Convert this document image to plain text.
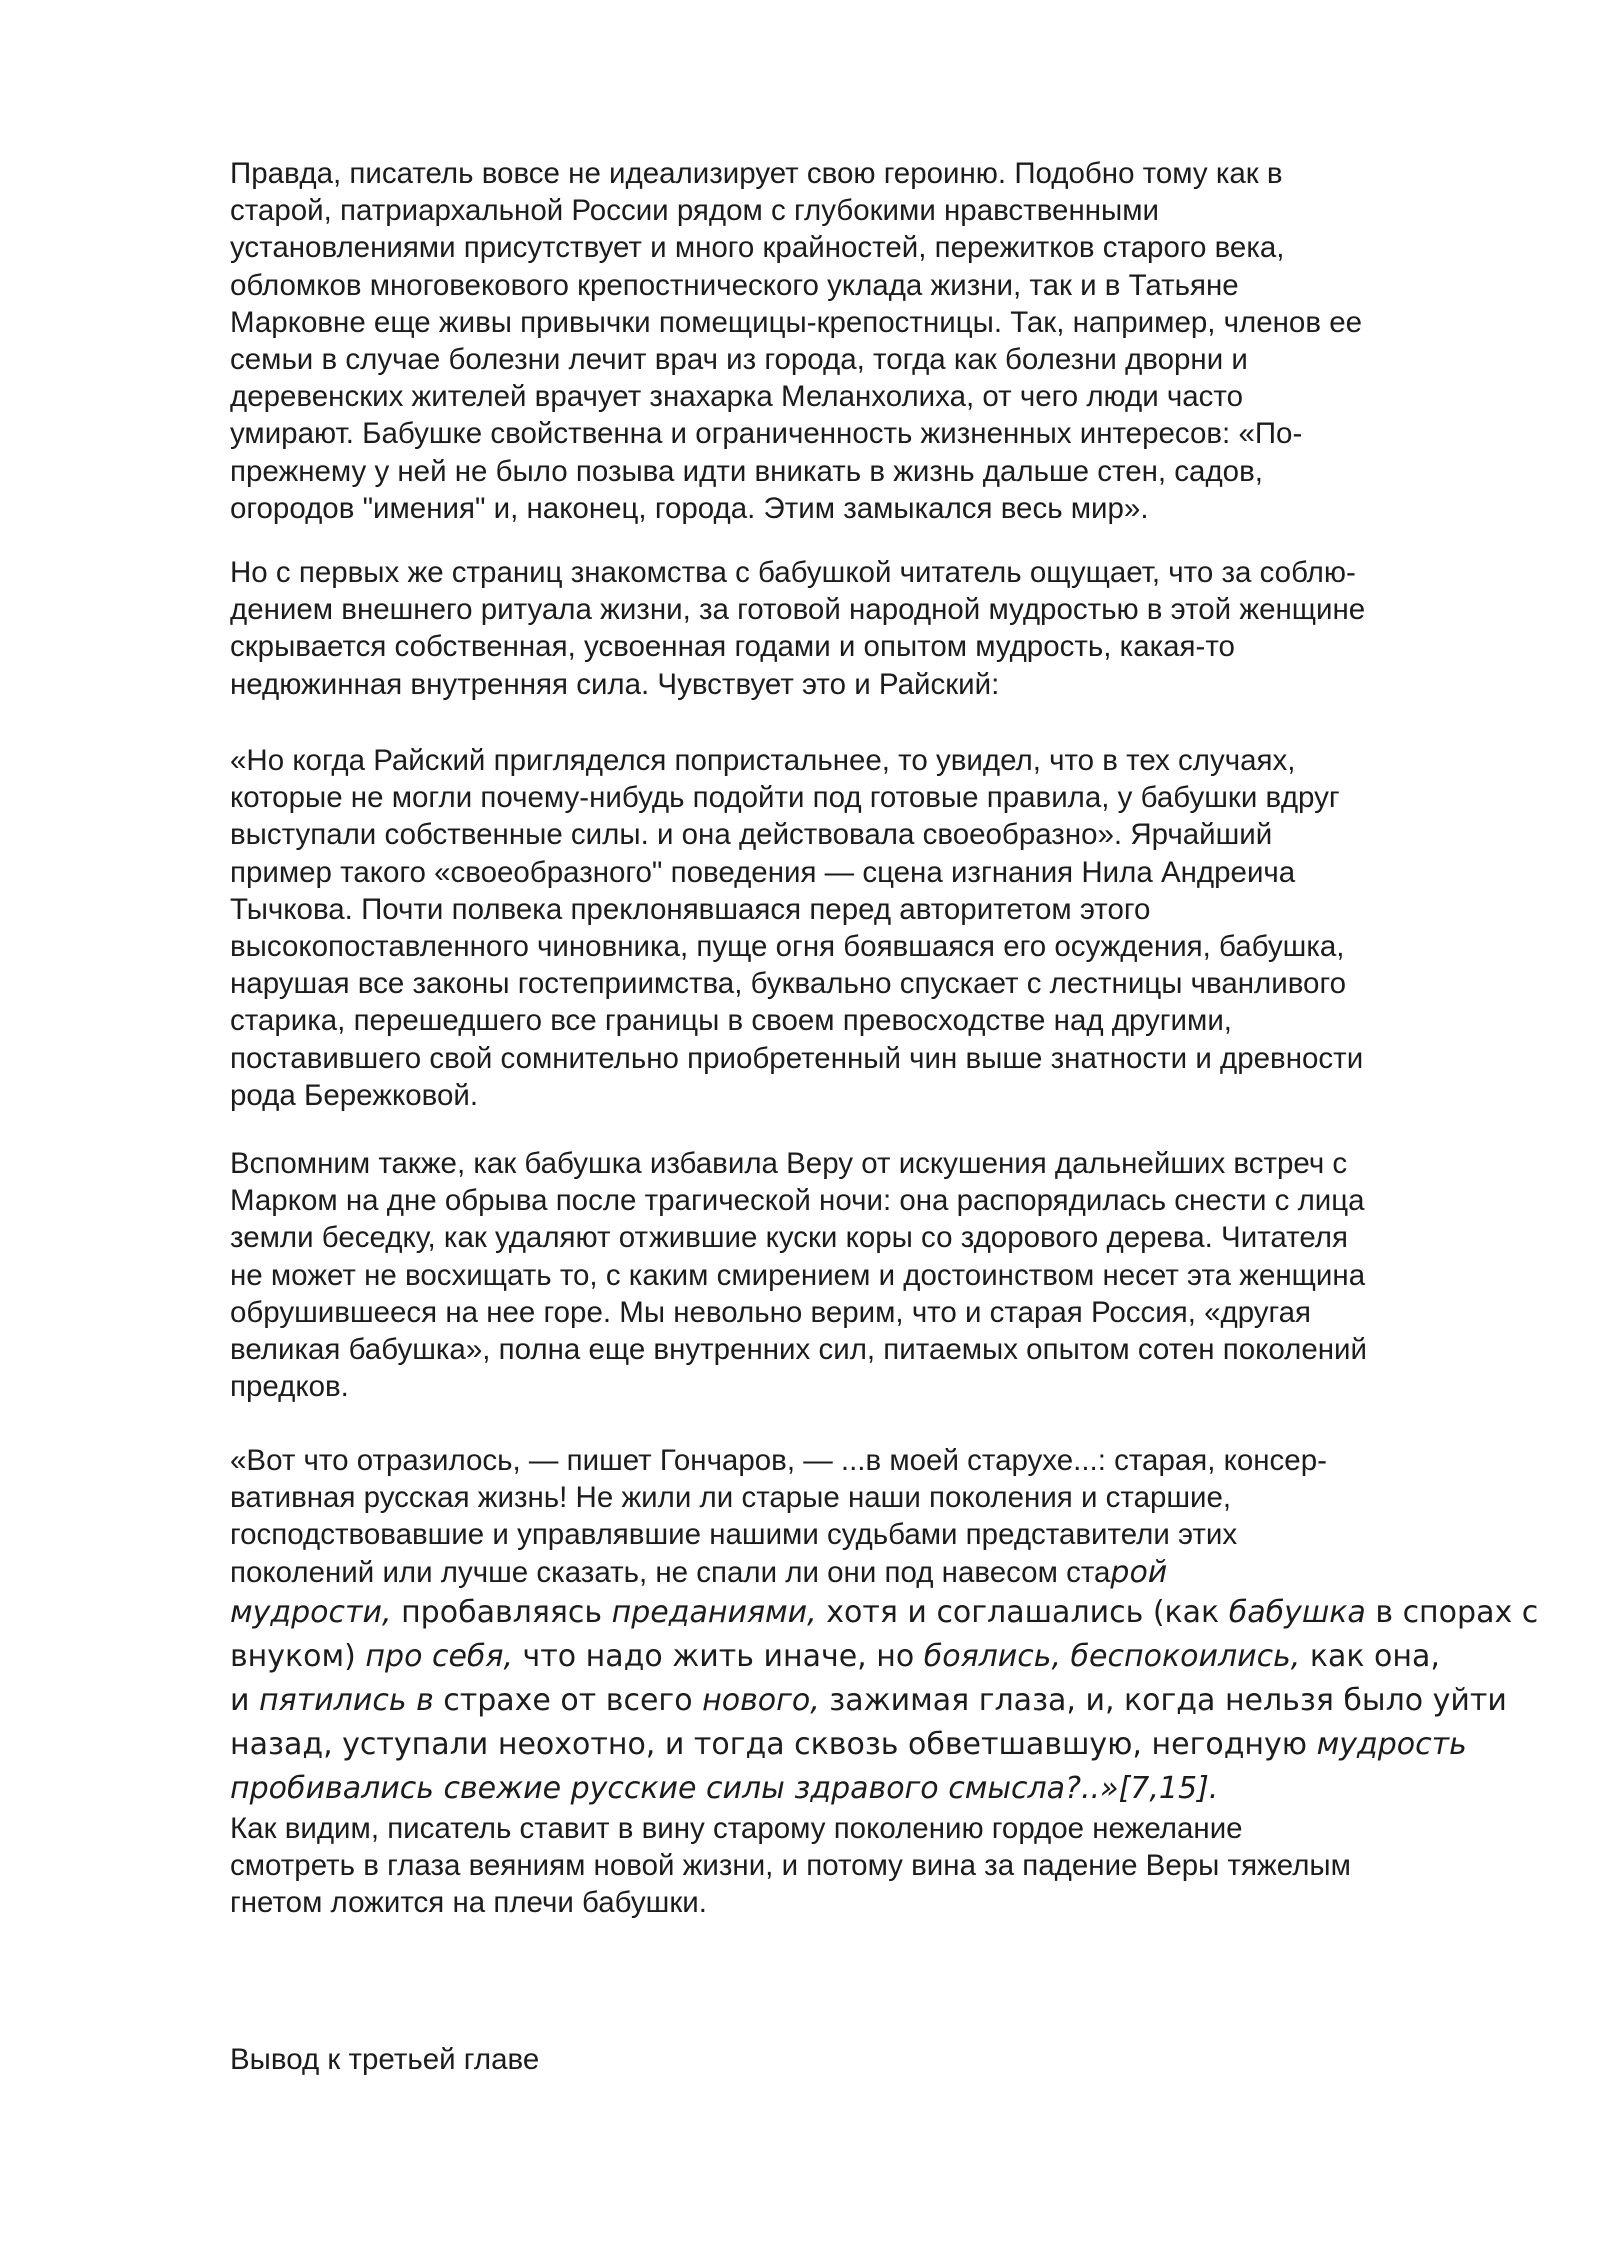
Правда, писатель вовсе не идеализирует свою героиню. Подобно тому как в
старой, патриархальной России рядом с глубокими нравственными
установлениями присутствует и много крайностей, пережитков старого века,
обломков многовекового крепостнического уклада жизни, так и в Татьяне
Марковне еще живы привычки помещицы-крепостницы. Так, например, членов ее
семьи в случае болезни лечит врач из города, тогда как болезни дворни и
деревенских жителей врачует знахарка Меланхолиха, от чего люди часто
умирают. Бабушке свойственна и ограниченность жизненных интересов: «По-
прежнему у ней не было позыва идти вникать в жизнь дальше стен, садов,
огородов "имения" и, наконец, города. Этим замыкался весь мир».

Но с первых же страниц знакомства с бабушкой читатель ощущает, что за соблю-
дением внешнего ритуала жизни, за готовой народной мудростью в этой женщине
скрывается собственная, усвоенная годами и опытом мудрость, какая-то
недюжинная внутренняя сила. Чувствует это и Райский:

«Но когда Райский пригляделся попристальнее, то увидел, что в тех случаях,
которые не могли почему-нибудь подойти под готовые правила, у бабушки вдруг
выступали собственные силы. и она действовала своеобразно». Ярчайший
пример такого «своеобразного" поведения — сцена изгнания Нила Андреича
Тычкова. Почти полвека преклонявшаяся перед авторитетом этого
высокопоставленного чиновника, пуще огня боявшаяся его осуждения, бабушка,
нарушая все законы гостеприимства, буквально спускает с лестницы чванливого
старика, перешедшего все границы в своем превосходстве над другими,
поставившего свой сомнительно приобретенный чин выше знатности и древности
рода Бережковой.

Вспомним также, как бабушка избавила Веру от искушения дальнейших встреч с
Марком на дне обрыва после трагической ночи: она распорядилась снести с лица
земли беседку, как удаляют отжившие куски коры со здорового дерева. Читателя
не может не восхищать то, с каким смирением и достоинством несет эта женщина
обрушившееся на нее горе. Мы невольно верим, что и старая Россия, «другая
великая бабушка», полна еще внутренних сил, питаемых опытом сотен поколений
предков.

«Вот что отразилось, — пишет Гончаров, — ...в моей старухе...: старая, консер-
вативная русская жизнь! Не жили ли старые наши поколения и старшие,
господствовавшие и управлявшие нашими судьбами представители этих
поколений или лучше сказать, не спали ли они под навесом старой
мудрости, пробавляясь преданиями, хотя и соглашались (как бабушка в спорах с
внуком) про себя, что надо жить иначе, но боялись, беспокоились, как она,
и пятились в страхе от всего нового, зажимая глаза, и, когда нельзя было уйти
назад, уступали неохотно, и тогда сквозь обветшавшую, негодную мудрость
пробивались свежие русские силы здравого смысла?..»[7,15].

Как видим, писатель ставит в вину старому поколению гордое нежелание
смотреть в глаза веяниям новой жизни, и потому вина за падение Веры тяжелым
гнетом ложится на плечи бабушки.

Вывод к третьей главе
